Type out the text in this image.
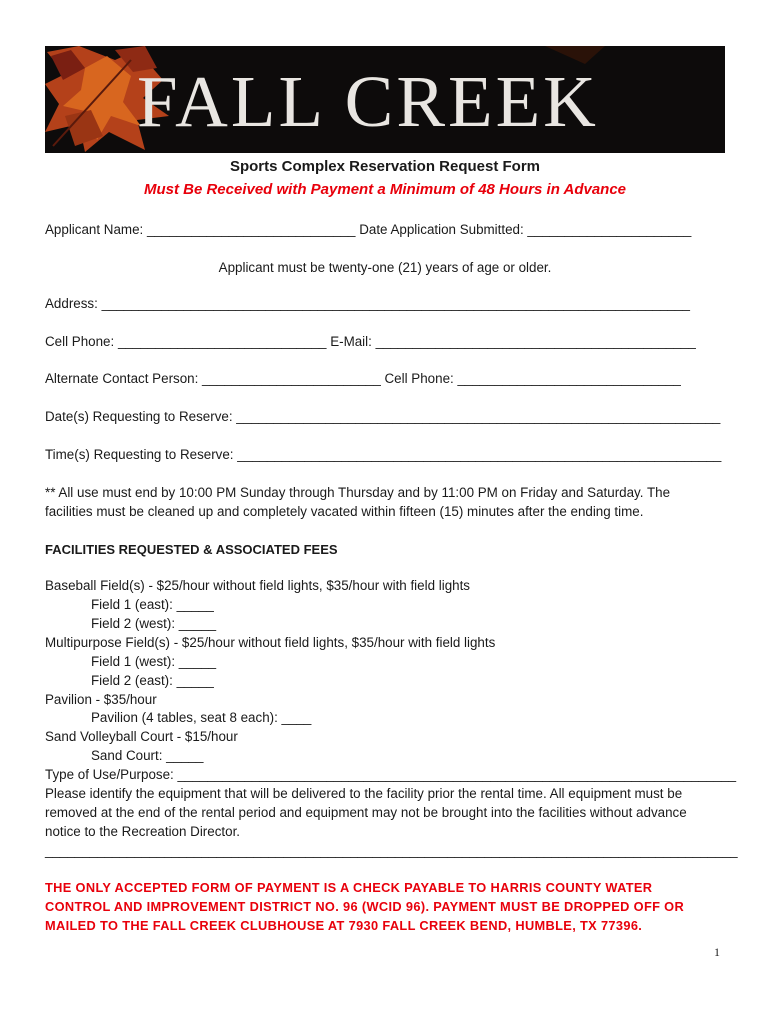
FALL CREEK
Sports Complex Reservation Request Form
Must Be Received with Payment a Minimum of 48 Hours in Advance
Applicant Name: ____________________________ Date Application Submitted: ______________________
Applicant must be twenty-one (21) years of age or older.
Address: _______________________________________________________________________________
Cell Phone: ____________________________ E-Mail: ___________________________________________
Alternate Contact Person: ________________________ Cell Phone: ______________________________
Date(s) Requesting to Reserve: _________________________________________________________________
Time(s) Requesting to Reserve: _________________________________________________________________
** All use must end by 10:00 PM Sunday through Thursday and by 11:00 PM on Friday and Saturday. The
facilities must be cleaned up and completely vacated within fifteen (15) minutes after the ending time.
FACILITIES REQUESTED & ASSOCIATED FEES
Baseball Field(s) - $25/hour without field lights, $35/hour with field lights
Field 1 (east): _____
Field 2 (west): _____
Multipurpose Field(s) - $25/hour without field lights, $35/hour with field lights
Field 1 (west): _____
Field 2 (east): _____
Pavilion - $35/hour
Pavilion (4 tables, seat 8 each): ____
Sand Volleyball Court - $15/hour
Sand Court: _____
Type of Use/Purpose: ___________________________________________________________________________
Please identify the equipment that will be delivered to the facility prior the rental time. All equipment must be
removed at the end of the rental period and equipment may not be brought into the facilities without advance
notice to the Recreation Director.
_____________________________________________________________________________________________
THE ONLY ACCEPTED FORM OF PAYMENT IS A CHECK PAYABLE TO HARRIS COUNTY WATER
CONTROL AND IMPROVEMENT DISTRICT NO. 96 (WCID 96). PAYMENT MUST BE DROPPED OFF OR
MAILED TO THE FALL CREEK CLUBHOUSE AT 7930 FALL CREEK BEND, HUMBLE, TX 77396.
1
